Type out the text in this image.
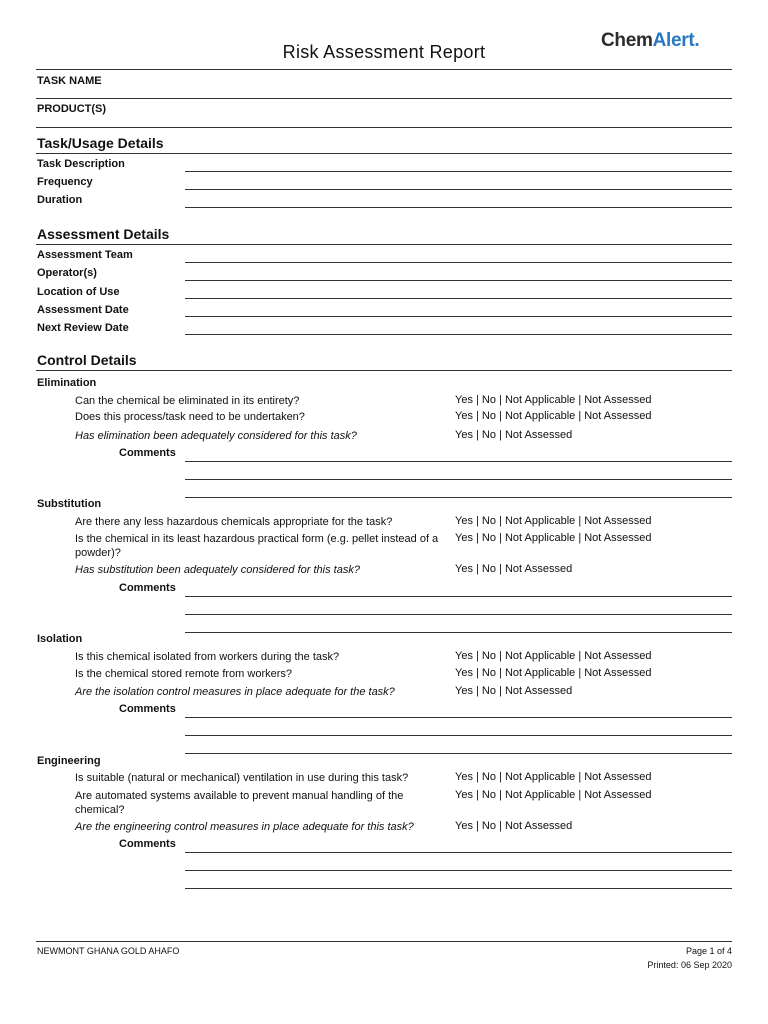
Risk Assessment Report
ChemAlert.
TASK NAME
PRODUCT(S)
Task/Usage Details
Task Description
Frequency
Duration
Assessment Details
Assessment Team
Operator(s)
Location of Use
Assessment Date
Next Review Date
Control Details
Elimination
Can the chemical be eliminated in its entirety?	Yes | No | Not Applicable | Not Assessed
Does this process/task need to be undertaken?	Yes | No | Not Applicable | Not Assessed
Has elimination been adequately considered for this task?	Yes | No | Not Assessed
Comments
Substitution
Are there any less hazardous chemicals appropriate for the task?	Yes | No | Not Applicable | Not Assessed
Is the chemical in its least hazardous practical form (e.g. pellet instead of a powder)?
Yes | No | Not Applicable | Not Assessed
Has substitution been adequately considered for this task?	Yes | No | Not Assessed
Comments
Isolation
Is this chemical isolated from workers during the task?	Yes | No | Not Applicable | Not Assessed
Is the chemical stored remote from workers?	Yes | No | Not Applicable | Not Assessed
Are the isolation control measures in place adequate for the task?	Yes | No | Not Assessed
Comments
Engineering
Is suitable (natural or mechanical) ventilation in use during this task?	Yes | No | Not Applicable | Not Assessed
Are automated systems available to prevent manual handling of the chemical?
Yes | No | Not Applicable | Not Assessed
Are the engineering control measures in place adequate for this task?	Yes | No | Not Assessed
Comments
NEWMONT GHANA GOLD AHAFO	Page 1 of 4
Printed: 06 Sep 2020
